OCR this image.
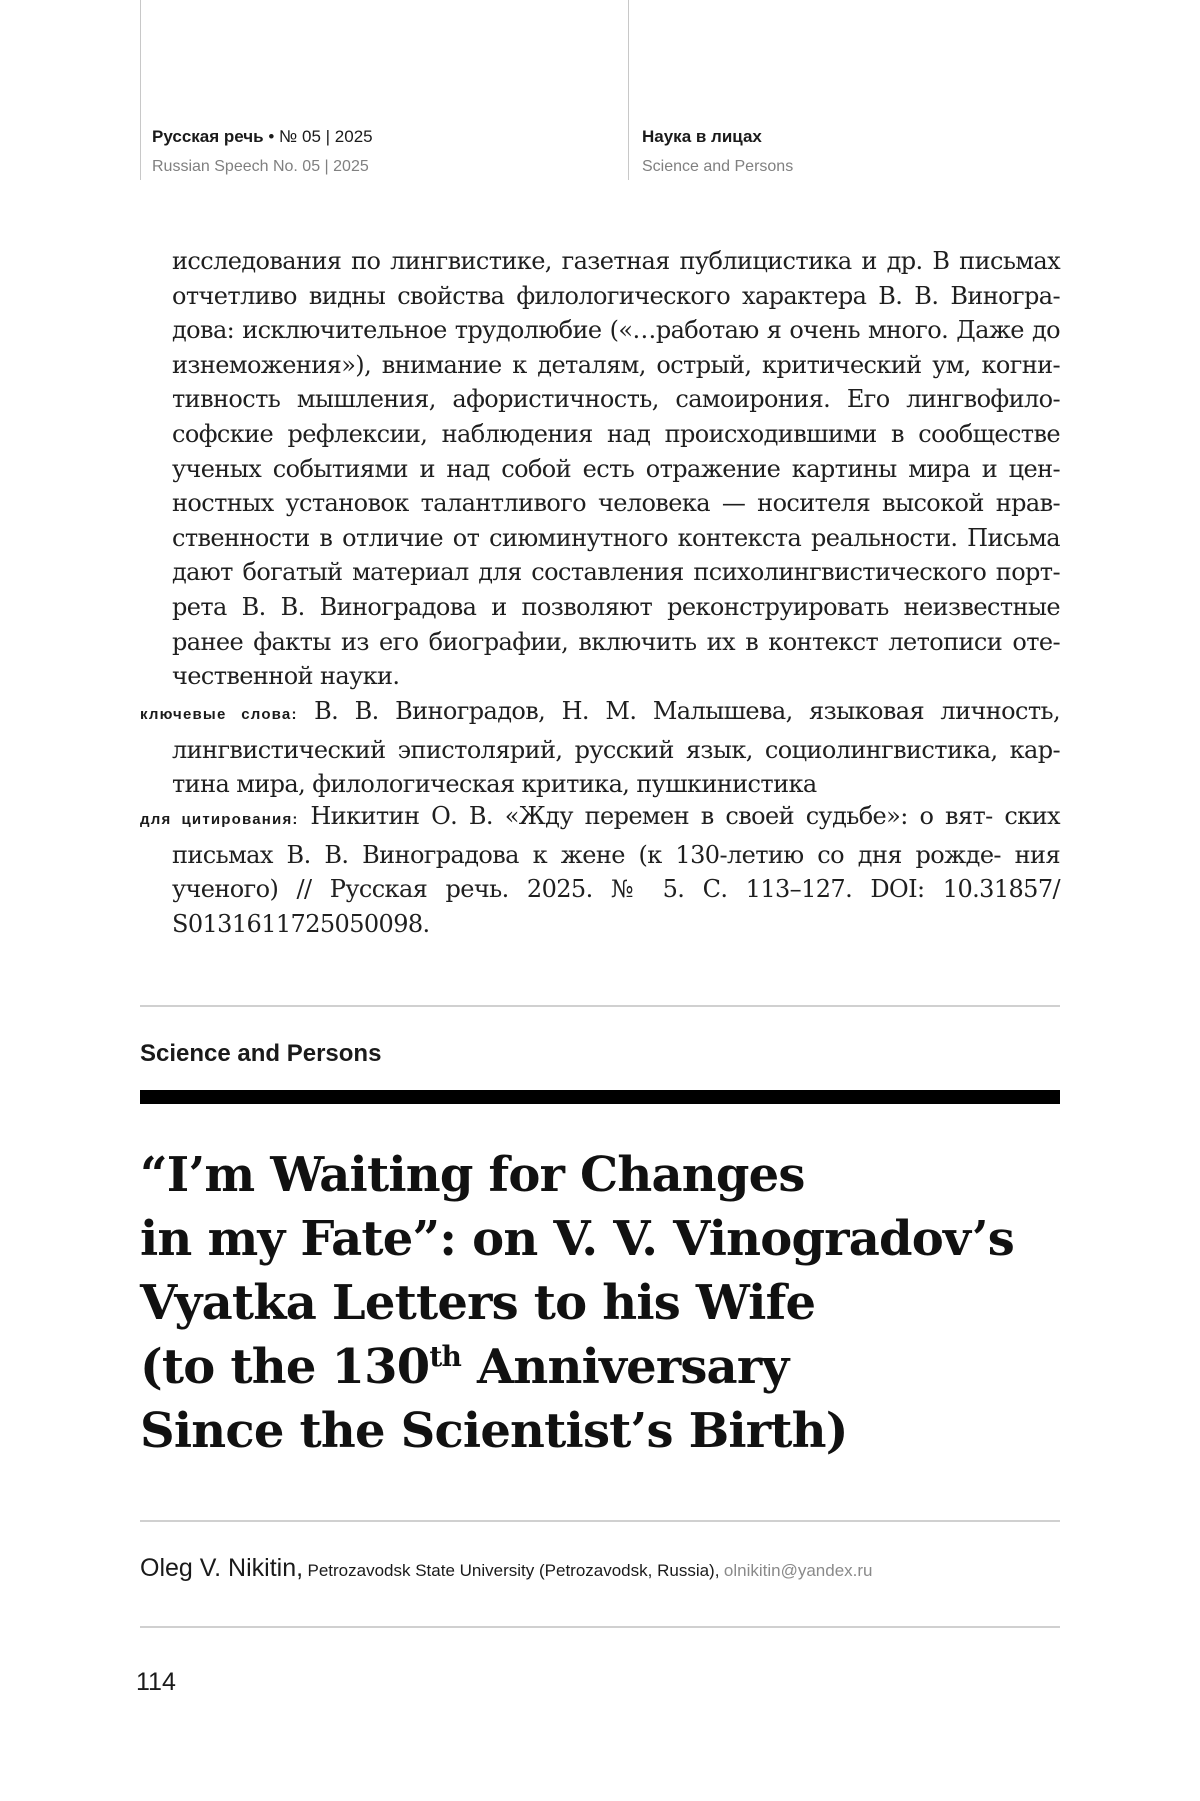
Русская речь • № 05 | 2025
Russian Speech No. 05 | 2025
Наука в лицах
Science and Persons
исследования по лингвистике, газетная публицистика и др. В письмах
отчетливо видны свойства филологического характера В. В. Виногра-
дова: исключительное трудолюбие («…работаю я очень много. Даже до
изнеможения»), внимание к деталям, острый, критический ум, когни-
тивность мышления, афористичность, самоирония. Его лингвофило-
софские рефлексии, наблюдения над происходившими в сообществе
ученых событиями и над собой есть отражение картины мира и цен-
ностных установок талантливого человека — носителя высокой нрав-
ственности в отличие от сиюминутного контекста реальности. Письма
дают богатый материал для составления психолингвистического порт-
рета В. В. Виноградова и позволяют реконструировать неизвестные
ранее факты из его биографии, включить их в контекст летописи оте-
чественной науки.
ключевые слова: В. В. Виноградов, Н. М. Малышева, языковая личность, лингвистический эпистолярий, русский язык, социолингвистика, кар- тина мира, филологическая критика, пушкинистика
для цитирования: Никитин О. В. «Жду перемен в своей судьбе»: о вят- ских письмах В. В. Виноградова к жене (к 130-летию со дня рожде- ния ученого) // Русская речь. 2025. № 5. С. 113–127. DOI: 10.31857/ S0131611725050098.
Science and Persons
“I’m Waiting for Changes
in my Fate”: on V. V. Vinogradov’s
Vyatka Letters to his Wife
(to the 130th Anniversary
Since the Scientist’s Birth)
Oleg V. Nikitin, Petrozavodsk State University (Petrozavodsk, Russia), olnikitin@yandex.ru
114
